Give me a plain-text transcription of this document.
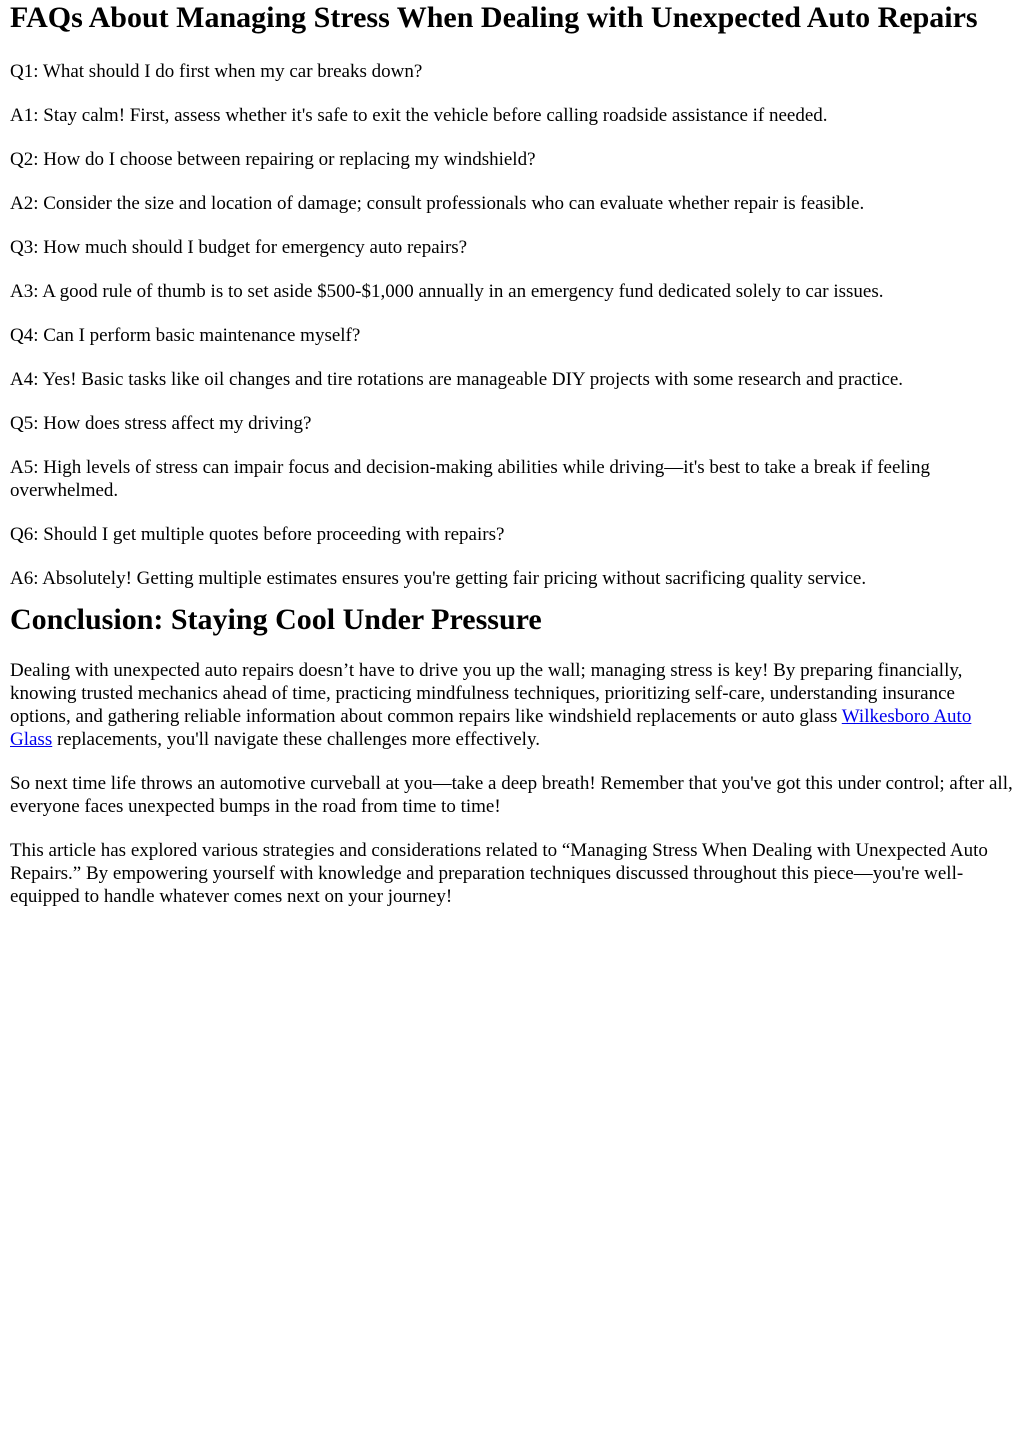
FAQs About Managing Stress When Dealing with Unexpected Auto Repairs

Q1: What should I do first when my car breaks down?

A1: Stay calm! First, assess whether it's safe to exit the vehicle before calling roadside assistance if needed.

Q2: How do I choose between repairing or replacing my windshield?

A2: Consider the size and location of damage; consult professionals who can evaluate whether repair is feasible.

Q3: How much should I budget for emergency auto repairs?

A3: A good rule of thumb is to set aside $500-$1,000 annually in an emergency fund dedicated solely to car issues.

Q4: Can I perform basic maintenance myself?

A4: Yes! Basic tasks like oil changes and tire rotations are manageable DIY projects with some research and practice.

Q5: How does stress affect my driving?

A5: High levels of stress can impair focus and decision-making abilities while driving—it's best to take a break if feeling overwhelmed.

Q6: Should I get multiple quotes before proceeding with repairs?

A6: Absolutely! Getting multiple estimates ensures you're getting fair pricing without sacrificing quality service.

Conclusion: Staying Cool Under Pressure

Dealing with unexpected auto repairs doesn’t have to drive you up the wall; managing stress is key! By preparing financially, knowing trusted mechanics ahead of time, practicing mindfulness techniques, prioritizing self-care, understanding insurance options, and gathering reliable information about common repairs like windshield replacements or auto glass Wilkesboro Auto Glass replacements, you'll navigate these challenges more effectively.

So next time life throws an automotive curveball at you—take a deep breath! Remember that you've got this under control; after all, everyone faces unexpected bumps in the road from time to time!

This article has explored various strategies and considerations related to “Managing Stress When Dealing with Unexpected Auto Repairs.” By empowering yourself with knowledge and preparation techniques discussed throughout this piece—you're well-equipped to handle whatever comes next on your journey!
